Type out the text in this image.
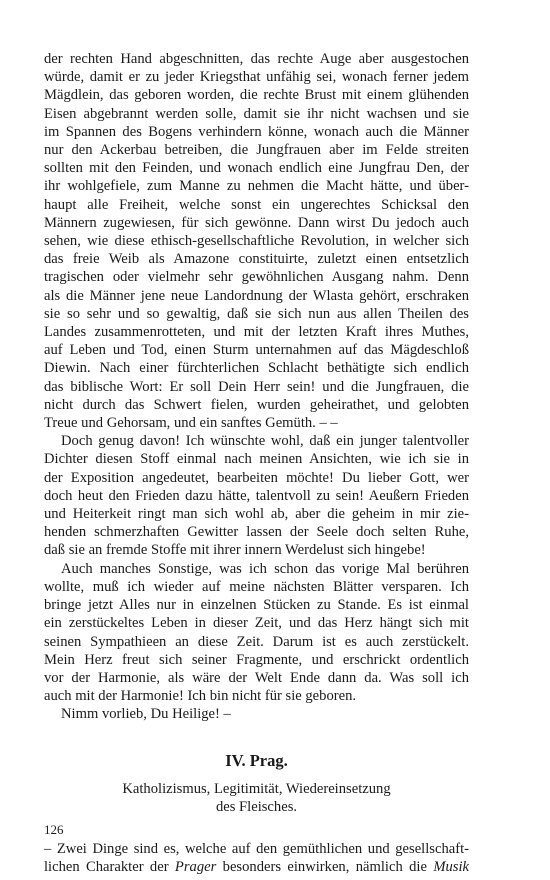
der rechten Hand abgeschnitten, das rechte Auge aber ausgestochen
würde, damit er zu jeder Kriegsthat unfähig sei, wonach ferner jedem
Mägdlein, das geboren worden, die rechte Brust mit einem glühenden
Eisen abgebrannt werden solle, damit sie ihr nicht wachsen und sie
im Spannen des Bogens verhindern könne, wonach auch die Männer
nur den Ackerbau betreiben, die Jungfrauen aber im Felde streiten
sollten mit den Feinden, und wonach endlich eine Jungfrau Den, der
ihr wohlgefiele, zum Manne zu nehmen die Macht hätte, und über-
haupt alle Freiheit, welche sonst ein ungerechtes Schicksal den
Männern zugewiesen, für sich gewönne. Dann wirst Du jedoch auch
sehen, wie diese ethisch-gesellschaftliche Revolution, in welcher sich
das freie Weib als Amazone constituirte, zuletzt einen entsetzlich
tragischen oder vielmehr sehr gewöhnlichen Ausgang nahm. Denn
als die Männer jene neue Landordnung der Wlasta gehört, erschraken
sie so sehr und so gewaltig, daß sie sich nun aus allen Theilen des
Landes zusammenrotteten, und mit der letzten Kraft ihres Muthes,
auf Leben und Tod, einen Sturm unternahmen auf das Mägdeschloß
Diewin. Nach einer fürchterlichen Schlacht bethätigte sich endlich
das biblische Wort: Er soll Dein Herr sein! und die Jungfrauen, die
nicht durch das Schwert fielen, wurden geheirathet, und gelobten
Treue und Gehorsam, und ein sanftes Gemüth. – –

Doch genug davon! Ich wünschte wohl, daß ein junger talentvoller
Dichter diesen Stoff einmal nach meinen Ansichten, wie ich sie in
der Exposition angedeutet, bearbeiten möchte! Du lieber Gott, wer
doch heut den Frieden dazu hätte, talentvoll zu sein! Aeußern Frieden
und Heiterkeit ringt man sich wohl ab, aber die geheim in mir zie-
henden schmerzhaften Gewitter lassen der Seele doch selten Ruhe,
daß sie an fremde Stoffe mit ihrer innern Werdelust sich hingebe!

Auch manches Sonstige, was ich schon das vorige Mal berühren
wollte, muß ich wieder auf meine nächsten Blätter versparen. Ich
bringe jetzt Alles nur in einzelnen Stücken zu Stande. Es ist einmal
ein zerstückeltes Leben in dieser Zeit, und das Herz hängt sich mit
seinen Sympathieen an diese Zeit. Darum ist es auch zerstückelt.
Mein Herz freut sich seiner Fragmente, und erschrickt ordentlich
vor der Harmonie, als wäre der Welt Ende dann da. Was soll ich
auch mit der Harmonie! Ich bin nicht für sie geboren.

Nimm vorlieb, Du Heilige! –

IV. Prag.

Katholizismus, Legitimität, Wiedereinsetzung
des Fleisches.

– Zwei Dinge sind es, welche auf den gemüthlichen und gesellschaft-
lichen Charakter der Prager besonders einwirken, nämlich die Musik

126
